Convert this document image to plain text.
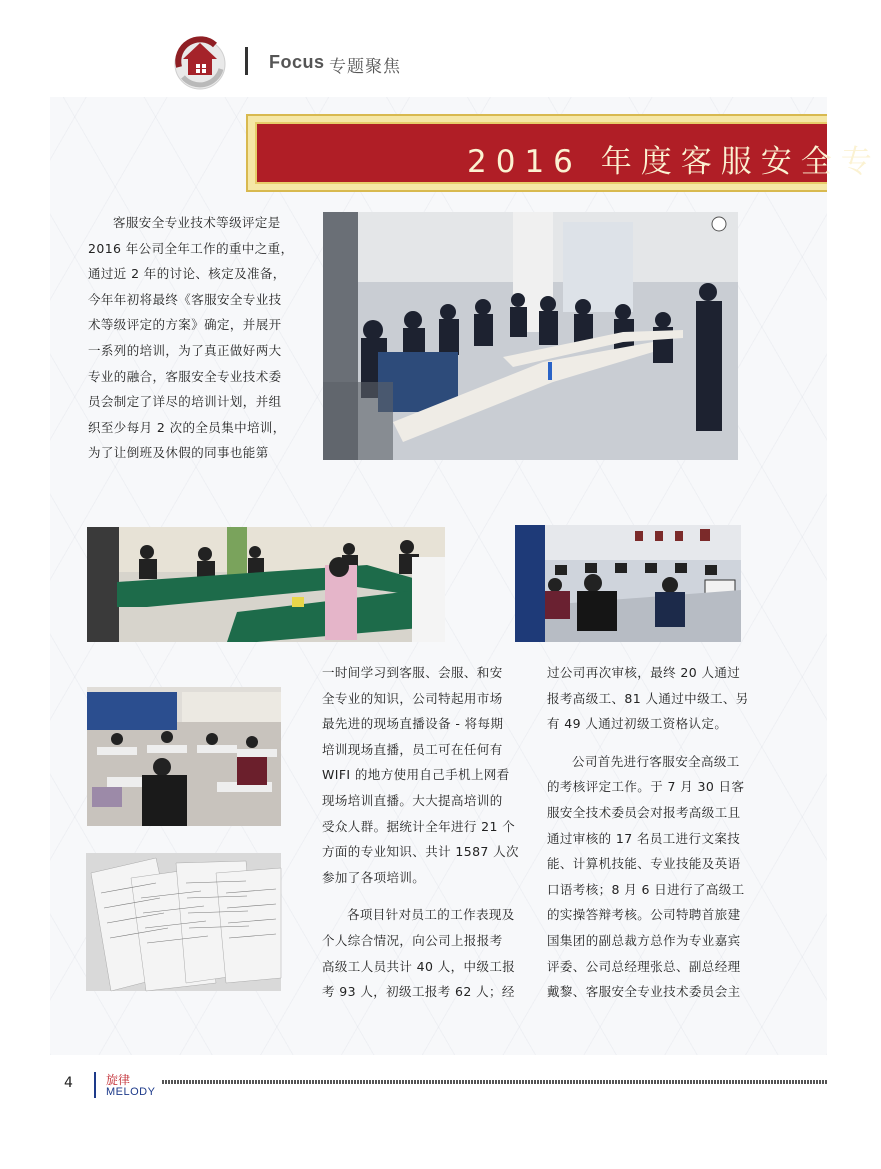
Focus 专题聚焦
2016 年度客服安全专

客服安全专业技术等级评定是

2016 年公司全年工作的重中之重，

通过近 2 年的讨论、核定及准备，

今年年初将最终《客服安全专业技

术等级评定的方案》确定，并展开

一系列的培训，为了真正做好两大

专业的融合，客服安全专业技术委

员会制定了详尽的培训计划，并组

织至少每月 2 次的全员集中培训，

为了让倒班及休假的同事也能第

一时间学习到客服、会服、和安

全专业的知识，公司特起用市场

最先进的现场直播设备 - 将每期

培训现场直播，员工可在任何有

WIFI 的地方使用自己手机上网看

现场培训直播。大大提高培训的

受众人群。据统计全年进行 21 个

方面的专业知识、共计 1587 人次

参加了各项培训。

各项目针对员工的工作表现及

个人综合情况，向公司上报报考

高级工人员共计 40 人，中级工报

考 93 人，初级工报考 62 人；经

过公司再次审核，最终 20 人通过

报考高级工、81 人通过中级工、另

有 49 人通过初级工资格认定。

公司首先进行客服安全高级工

的考核评定工作。于 7 月 30 日客

服安全技术委员会对报考高级工且

通过审核的 17 名员工进行文案技

能、计算机技能、专业技能及英语

口语考核；8 月 6 日进行了高级工

的实操答辩考核。公司特聘首旅建

国集团的副总裁方总作为专业嘉宾

评委、公司总经理张总、副总经理

戴黎、客服安全专业技术委员会主

4	旋律
MELODY
